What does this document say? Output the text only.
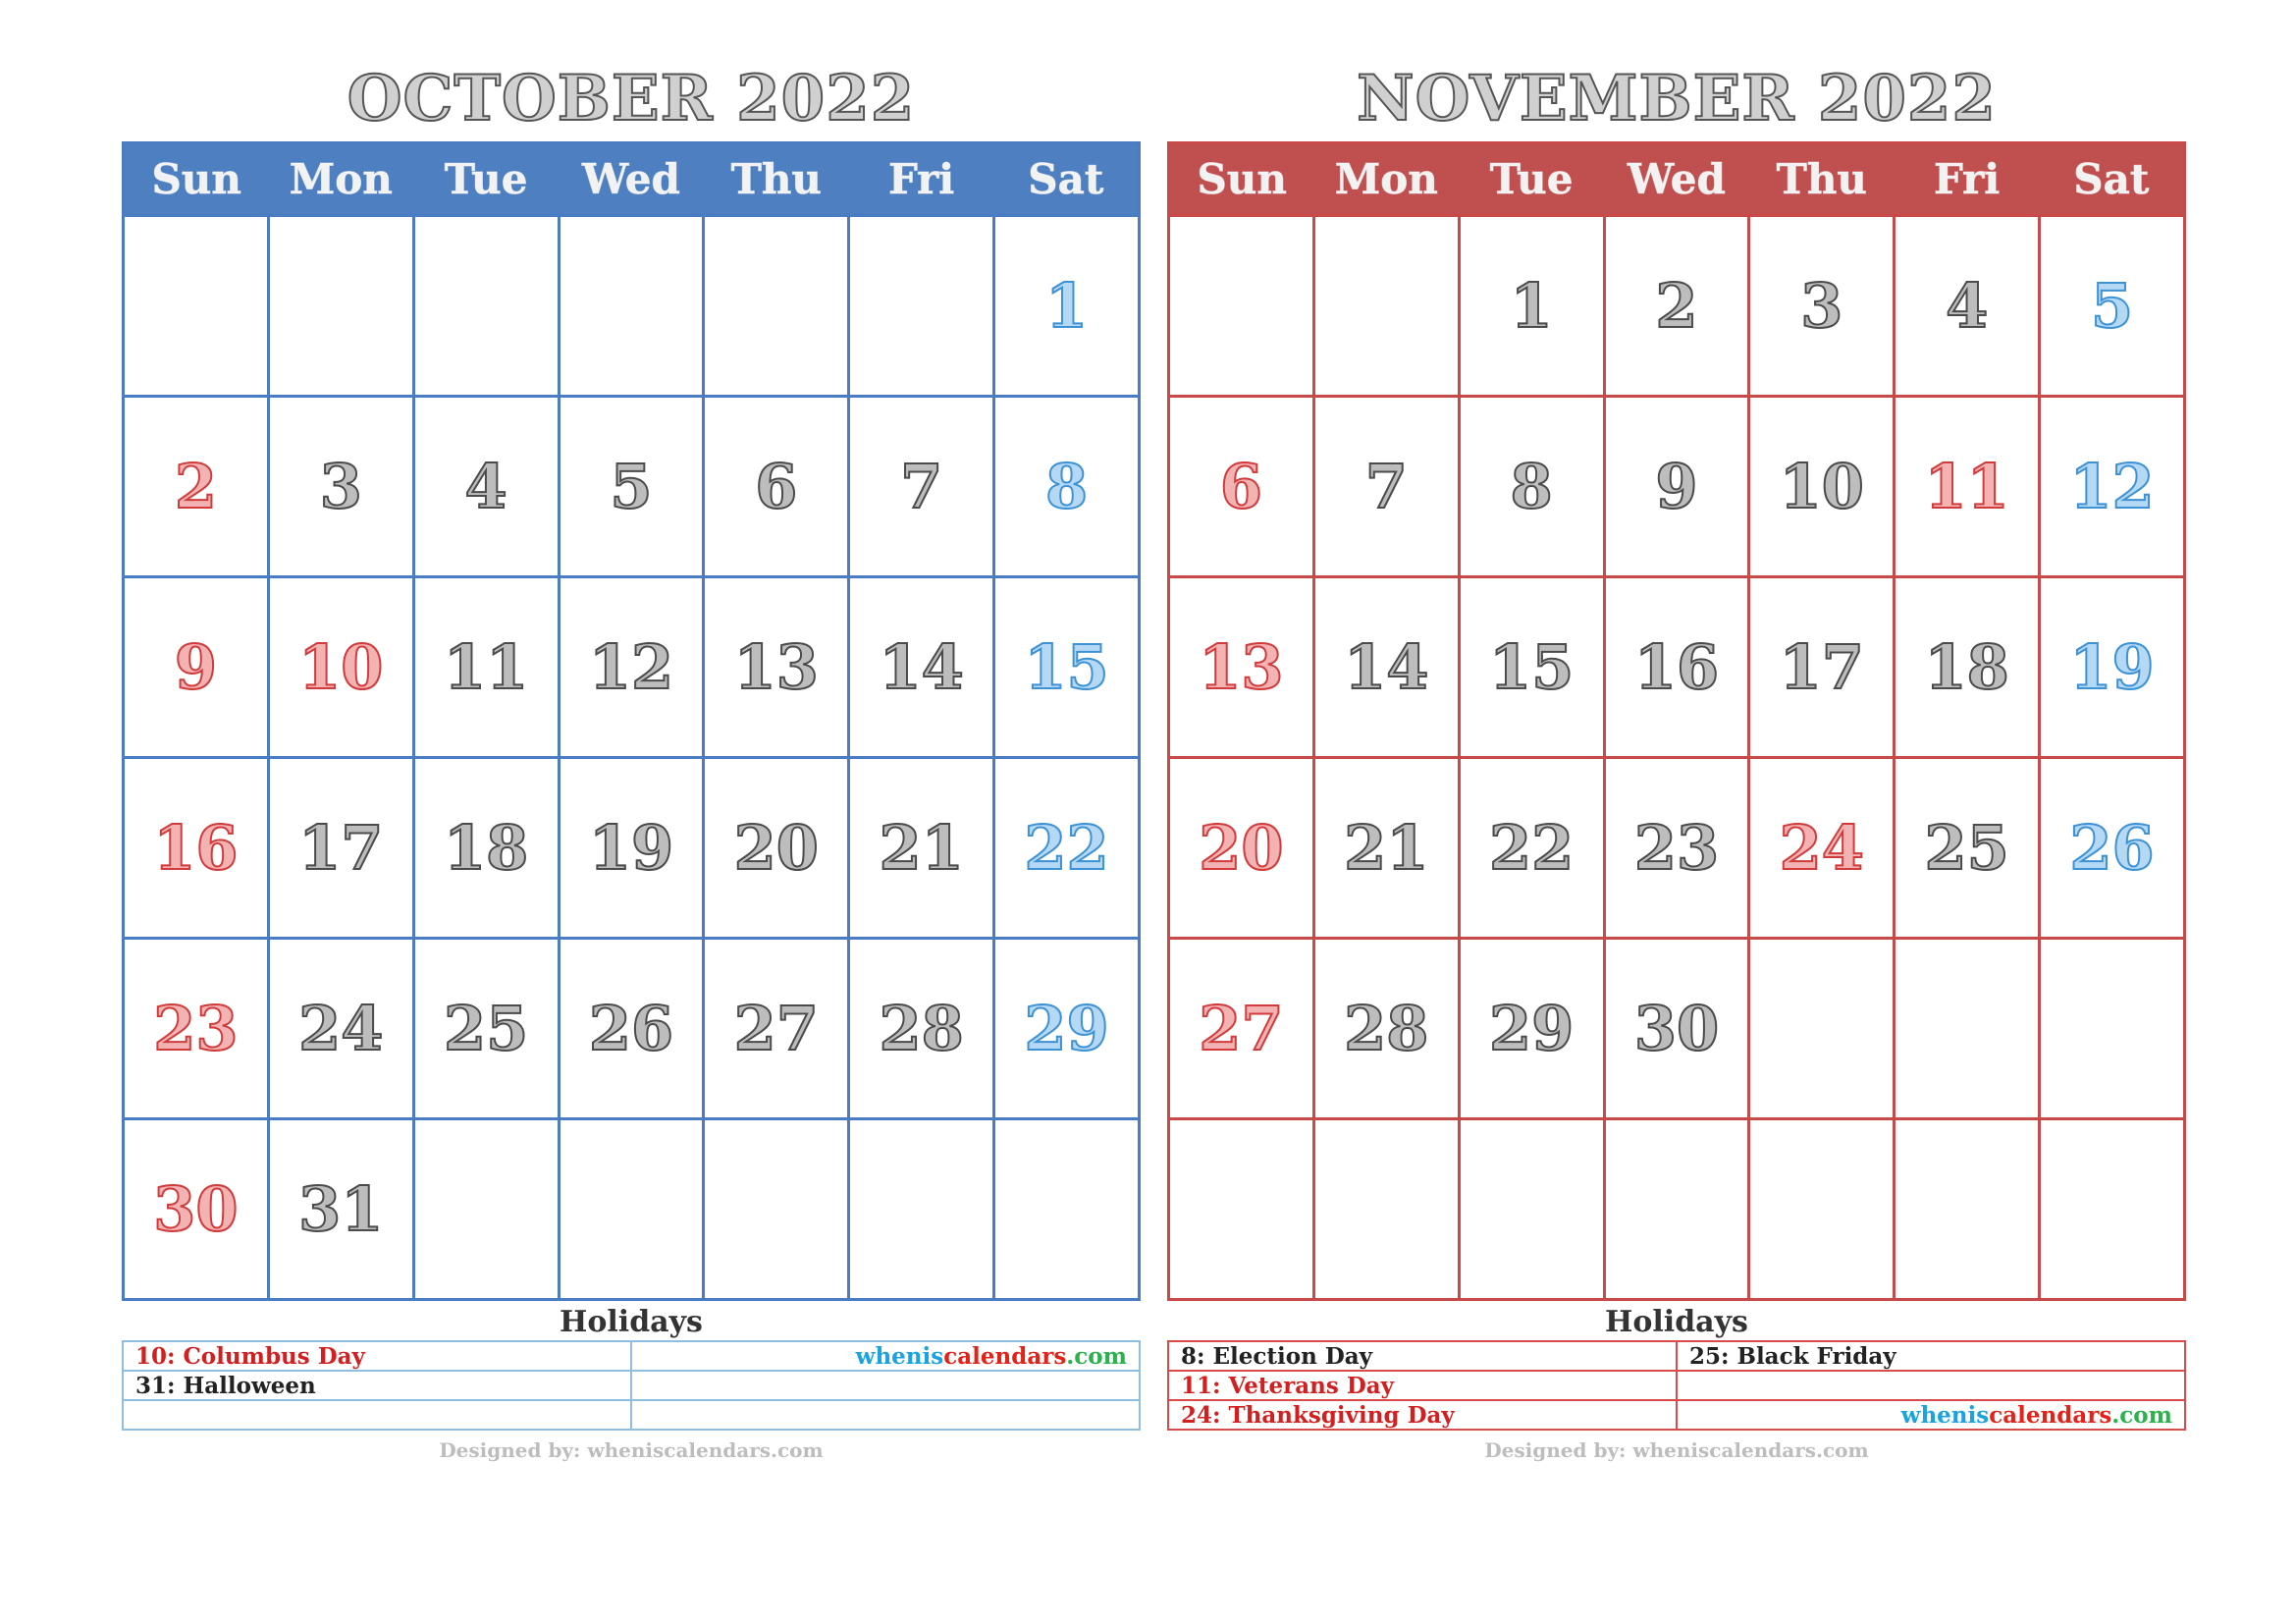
OCTOBER 2022
Sun	Mon	Tue	Wed	Thu	Fri	Sat
						1
2	3	4	5	6	7	8
9	10	11	12	13	14	15
16	17	18	19	20	21	22
23	24	25	26	27	28	29
30	31					
Holidays
10: Columbus Day	wheniscalendars.com
31: Halloween	

Designed by: wheniscalendars.com
NOVEMBER 2022
Sun	Mon	Tue	Wed	Thu	Fri	Sat
		1	2	3	4	5
6	7	8	9	10	11	12
13	14	15	16	17	18	19
20	21	22	23	24	25	26
27	28	29	30			

Holidays
8: Election Day	25: Black Friday
11: Veterans Day	
24: Thanksgiving Day	wheniscalendars.com
Designed by: wheniscalendars.com
